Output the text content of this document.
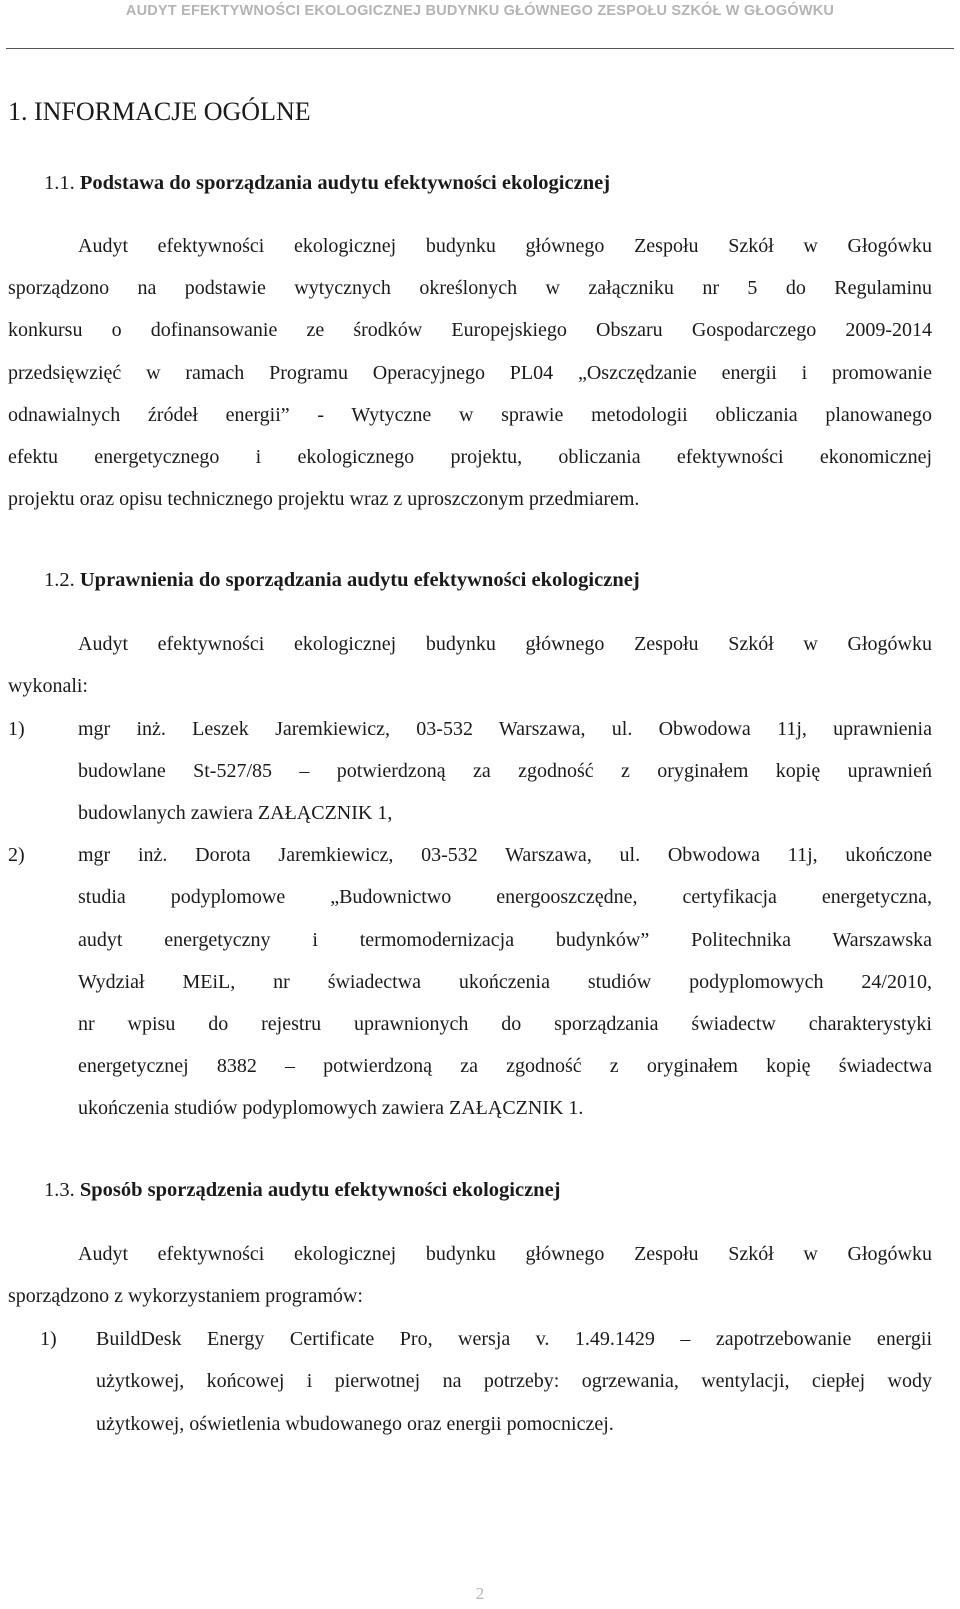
AUDYT EFEKTYWNOŚCI EKOLOGICZNEJ BUDYNKU GŁÓWNEGO ZESPOŁU SZKÓŁ W GŁOGÓWKU
1. INFORMACJE OGÓLNE
1.1. Podstawa do sporządzania audytu efektywności ekologicznej
Audyt efektywności ekologicznej budynku głównego Zespołu Szkół w Głogówku
sporządzono na podstawie wytycznych określonych w załączniku nr 5 do Regulaminu
konkursu o dofinansowanie ze środków Europejskiego Obszaru Gospodarczego 2009-2014
przedsięwzięć w ramach Programu Operacyjnego PL04 „Oszczędzanie energii i promowanie
odnawialnych źródeł energii” - Wytyczne w sprawie metodologii obliczania planowanego
efektu energetycznego i ekologicznego projektu, obliczania efektywności ekonomicznej
projektu oraz opisu technicznego projektu wraz z uproszczonym przedmiarem.
1.2. Uprawnienia do sporządzania audytu efektywności ekologicznej
Audyt efektywności ekologicznej budynku głównego Zespołu Szkół w Głogówku
wykonali:
1)	mgr inż. Leszek Jaremkiewicz, 03-532 Warszawa, ul. Obwodowa 11j, uprawnienia
budowlane St-527/85 – potwierdzoną za zgodność z oryginałem kopię uprawnień
budowlanych zawiera ZAŁĄCZNIK 1,
2)	mgr inż. Dorota Jaremkiewicz, 03-532 Warszawa, ul. Obwodowa 11j, ukończone
studia podyplomowe „Budownictwo energooszczędne, certyfikacja energetyczna,
audyt energetyczny i termomodernizacja budynków” Politechnika Warszawska
Wydział MEiL, nr świadectwa ukończenia studiów podyplomowych 24/2010,
nr wpisu do rejestru uprawnionych do sporządzania świadectw charakterystyki
energetycznej 8382 – potwierdzoną za zgodność z oryginałem kopię świadectwa
ukończenia studiów podyplomowych zawiera ZAŁĄCZNIK 1.
1.3. Sposób sporządzenia audytu efektywności ekologicznej
Audyt efektywności ekologicznej budynku głównego Zespołu Szkół w Głogówku
sporządzono z wykorzystaniem programów:
1) BuildDesk Energy Certificate Pro, wersja v. 1.49.1429 – zapotrzebowanie energii
użytkowej, końcowej i pierwotnej na potrzeby: ogrzewania, wentylacji, ciepłej wody
użytkowej, oświetlenia wbudowanego oraz energii pomocniczej.
2
